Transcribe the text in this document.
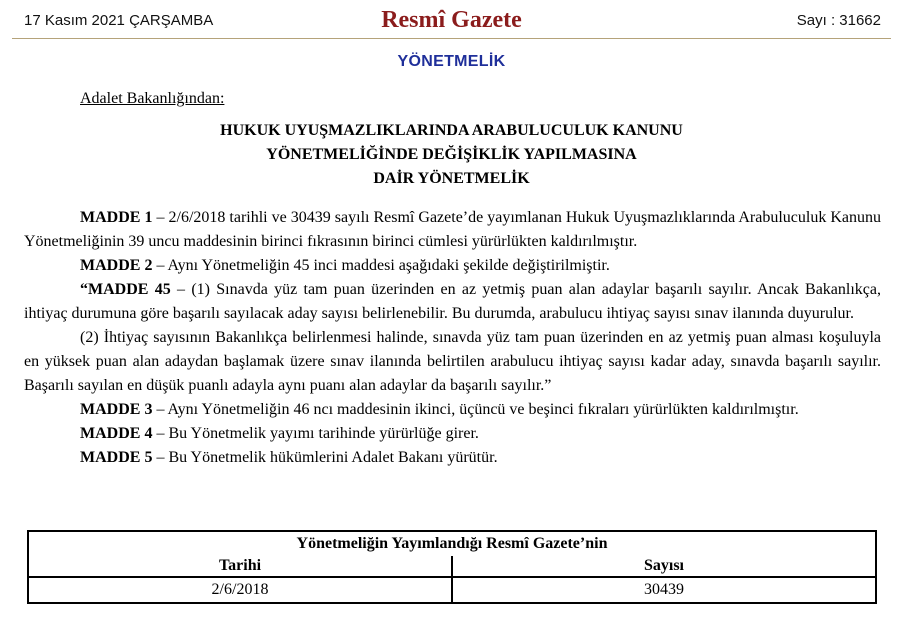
17 Kasım 2021 ÇARŞAMBA	Resmî Gazete	Sayı : 31662
YÖNETMELİK
Adalet Bakanlığından:
HUKUK UYUŞMAZLIKLARINDA ARABULUCULUK KANUNU
YÖNETMELİĞİNDE DEĞİŞİKLİK YAPILMASINA
DAİR YÖNETMELİK

MADDE 1 – 2/6/2018 tarihli ve 30439 sayılı Resmî Gazete’de yayımlanan Hukuk Uyuşmazlıklarında Arabuluculuk Kanunu Yönetmeliğinin 39 uncu maddesinin birinci fıkrasının birinci cümlesi yürürlükten kaldırılmıştır.

MADDE 2 – Aynı Yönetmeliğin 45 inci maddesi aşağıdaki şekilde değiştirilmiştir.

“MADDE 45 – (1) Sınavda yüz tam puan üzerinden en az yetmiş puan alan adaylar başarılı sayılır. Ancak Bakanlıkça, ihtiyaç durumuna göre başarılı sayılacak aday sayısı belirlenebilir. Bu durumda, arabulucu ihtiyaç sayısı sınav ilanında duyurulur.

(2) İhtiyaç sayısının Bakanlıkça belirlenmesi halinde, sınavda yüz tam puan üzerinden en az yetmiş puan alması koşuluyla en yüksek puan alan adaydan başlamak üzere sınav ilanında belirtilen arabulucu ihtiyaç sayısı kadar aday, sınavda başarılı sayılır. Başarılı sayılan en düşük puanlı adayla aynı puanı alan adaylar da başarılı sayılır.”

MADDE 3 – Aynı Yönetmeliğin 46 ncı maddesinin ikinci, üçüncü ve beşinci fıkraları yürürlükten kaldırılmıştır.

MADDE 4 – Bu Yönetmelik yayımı tarihinde yürürlüğe girer.

MADDE 5 – Bu Yönetmelik hükümlerini Adalet Bakanı yürütür.

Yönetmeliğin Yayımlandığı Resmî Gazete’nin	
Tarihi	Sayısı
2/6/2018	30439
